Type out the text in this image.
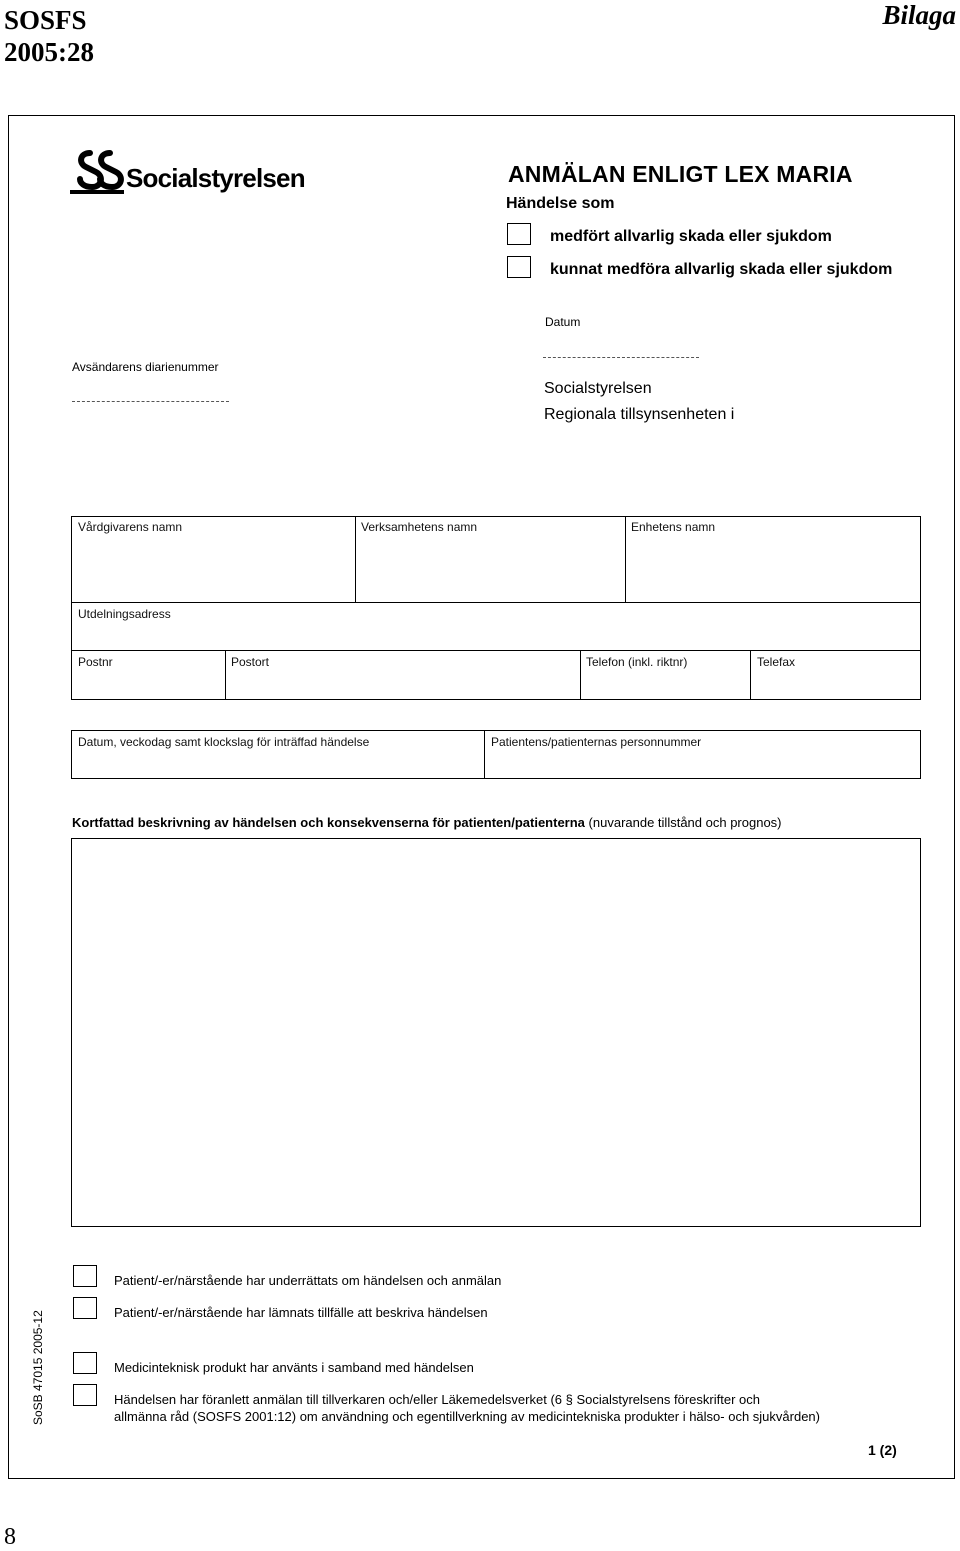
SOSFS
2005:28
Bilaga
Socialstyrelsen	ANMÄLAN ENLIGT LEX MARIA
Händelse som
medfört allvarlig skada eller sjukdom
kunnat medföra allvarlig skada eller sjukdom
Datum
Avsändarens diarienummer
Socialstyrelsen
Regionala tillsynsenheten i
Vårdgivarens namn	Verksamhetens namn	Enhetens namn
Utdelningsadress
Postnr	Postort	Telefon (inkl. riktnr)	Telefax
Datum, veckodag samt klockslag för inträffad händelse	Patientens/patienternas personnummer
Kortfattad beskrivning av händelsen och konsekvenserna för patienten/patienterna (nuvarande tillstånd och prognos)
Patient/-er/närstående har underrättats om händelsen och anmälan
Patient/-er/närstående har lämnats tillfälle att beskriva händelsen
Medicinteknisk produkt har använts i samband med händelsen
Händelsen har föranlett anmälan till tillverkaren och/eller Läkemedelsverket (6 § Socialstyrelsens föreskrifter och
allmänna råd (SOSFS 2001:12) om användning och egentillverkning av medicintekniska produkter i hälso- och sjukvården)
SoSB 47015 2005-12
1 (2)
8
